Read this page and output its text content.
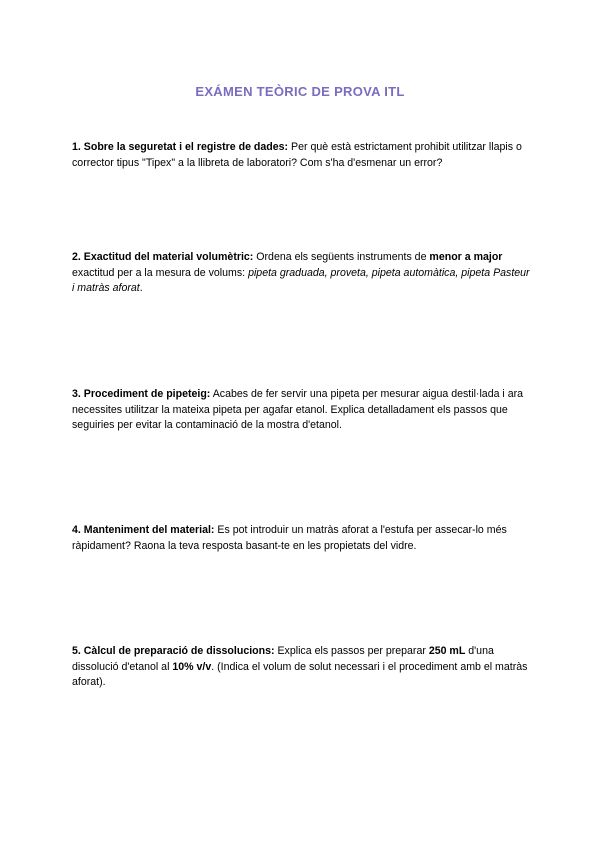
EXÁMEN TEÒRIC DE PROVA ITL
1. Sobre la seguretat i el registre de dades: Per què està estrictament prohibit utilitzar llapis o corrector tipus "Tipex" a la llibreta de laboratori? Com s'ha d'esmenar un error?
2. Exactitud del material volumètric: Ordena els següents instruments de menor a major exactitud per a la mesura de volums: pipeta graduada, proveta, pipeta automàtica, pipeta Pasteur i matràs aforat.
3. Procediment de pipeteig: Acabes de fer servir una pipeta per mesurar aigua destil·lada i ara necessites utilitzar la mateixa pipeta per agafar etanol. Explica detalladament els passos que seguiries per evitar la contaminació de la mostra d'etanol.
4. Manteniment del material: Es pot introduir un matràs aforat a l'estufa per assecar-lo més ràpidament? Raona la teva resposta basant-te en les propietats del vidre.
5. Càlcul de preparació de dissolucions: Explica els passos per preparar 250 mL d'una dissolució d'etanol al 10% v/v. (Indica el volum de solut necessari i el procediment amb el matràs aforat).
